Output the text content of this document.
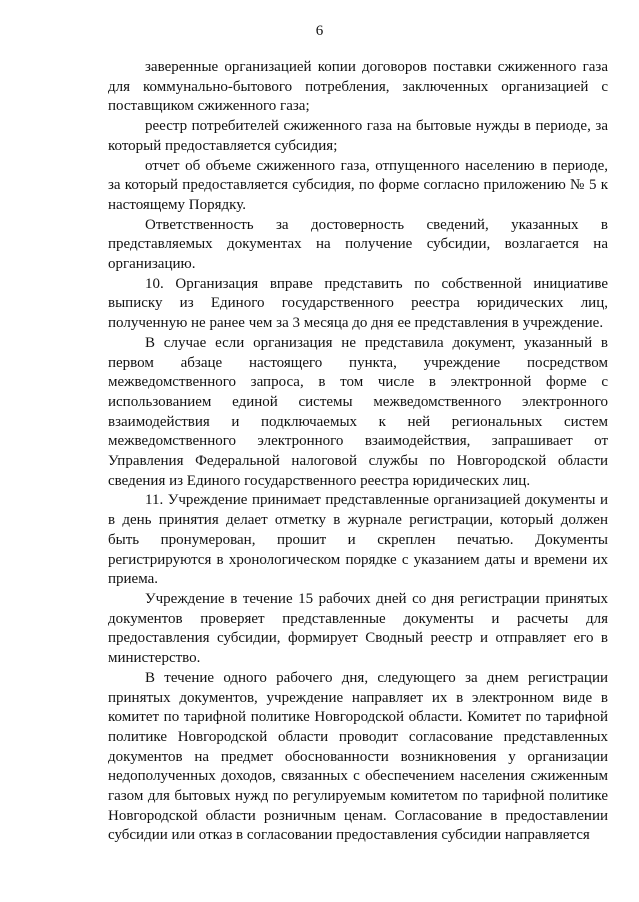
6

заверенные организацией копии договоров поставки сжиженного газа для коммунально-бытового потребления, заключенных организацией с поставщиком сжиженного газа;

реестр потребителей сжиженного газа на бытовые нужды в периоде, за который предоставляется субсидия;

отчет об объеме сжиженного газа, отпущенного населению в периоде, за который предоставляется субсидия, по форме согласно приложению № 5 к настоящему Порядку.

Ответственность за достоверность сведений, указанных в представляемых документах на получение субсидии, возлагается на организацию.

10. Организация вправе представить по собственной инициативе выписку из Единого государственного реестра юридических лиц, полученную не ранее чем за 3 месяца до дня ее представления в учреждение.

В случае если организация не представила документ, указанный в первом абзаце настоящего пункта, учреждение посредством межведомственного запроса, в том числе в электронной форме с использованием единой системы межведомственного электронного взаимодействия и подключаемых к ней региональных систем межведомственного электронного взаимодействия, запрашивает от Управления Федеральной налоговой службы по Новгородской области сведения из Единого государственного реестра юридических лиц.

11. Учреждение принимает представленные организацией документы и в день принятия делает отметку в журнале регистрации, который должен быть пронумерован, прошит и скреплен печатью. Документы регистрируются в хронологическом порядке с указанием даты и времени их приема.

Учреждение в течение 15 рабочих дней со дня регистрации принятых документов проверяет представленные документы и расчеты для предоставления субсидии, формирует Сводный реестр и отправляет его в министерство.

В течение одного рабочего дня, следующего за днем регистрации принятых документов, учреждение направляет их в электронном виде в комитет по тарифной политике Новгородской области. Комитет по тарифной политике Новгородской области проводит согласование представленных документов на предмет обоснованности возникновения у организации недополученных доходов, связанных с обеспечением населения сжиженным газом для бытовых нужд по регулируемым комитетом по тарифной политике Новгородской области розничным ценам. Согласование в предоставлении субсидии или отказ в согласовании предоставления субсидии направляется
